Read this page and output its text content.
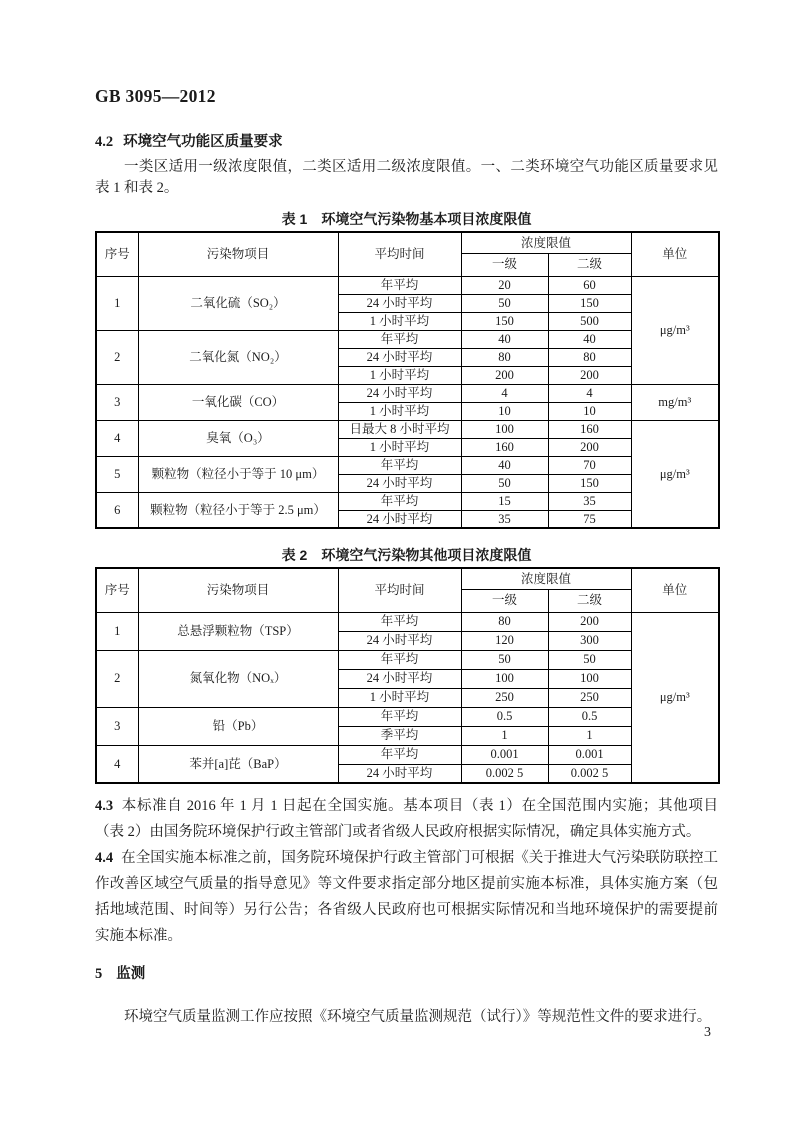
GB 3095—2012
4.2 环境空气功能区质量要求

一类区适用一级浓度限值，二类区适用二级浓度限值。一、二类环境空气功能区质量要求见表 1 和表 2。

表 1　环境空气污染物基本项目浓度限值
序号	污染物项目	平均时间	浓度限值		单位
			一级	二级	
1	二氧化硫（SO₂）	年平均	20	60	μg/m³
		24 小时平均	50	150	
		1 小时平均	150	500	
2	二氧化氮（NO₂）	年平均	40	40	
		24 小时平均	80	80	
		1 小时平均	200	200	
3	一氧化碳（CO）	24 小时平均	4	4	mg/m³
		1 小时平均	10	10	
4	臭氧（O₃）	日最大 8 小时平均	100	160	μg/m³
		1 小时平均	160	200	
5	颗粒物（粒径小于等于 10 μm）	年平均	40	70	
		24 小时平均	50	150	
6	颗粒物（粒径小于等于 2.5 μm）	年平均	15	35	
		24 小时平均	35	75	
表 2　环境空气污染物其他项目浓度限值
序号	污染物项目	平均时间	浓度限值		单位
			一级	二级	
1	总悬浮颗粒物（TSP）	年平均	80	200	μg/m³
		24 小时平均	120	300	
2	氮氧化物（NOₓ）	年平均	50	50	
		24 小时平均	100	100	
		1 小时平均	250	250	
3	铅（Pb）	年平均	0.5	0.5	
		季平均	1	1	
4	苯并[a]芘（BaP）	年平均	0.001	0.001	
		24 小时平均	0.002 5	0.002 5	

4.3 本标准自 2016 年 1 月 1 日起在全国实施。基本项目（表 1）在全国范围内实施；其他项目（表 2）由国务院环境保护行政主管部门或者省级人民政府根据实际情况，确定具体实施方式。

4.4 在全国实施本标准之前，国务院环境保护行政主管部门可根据《关于推进大气污染联防联控工作改善区域空气质量的指导意见》等文件要求指定部分地区提前实施本标准，具体实施方案（包括地域范围、时间等）另行公告；各省级人民政府也可根据实际情况和当地环境保护的需要提前实施本标准。

5 监测

环境空气质量监测工作应按照《环境空气质量监测规范（试行）》等规范性文件的要求进行。

3
